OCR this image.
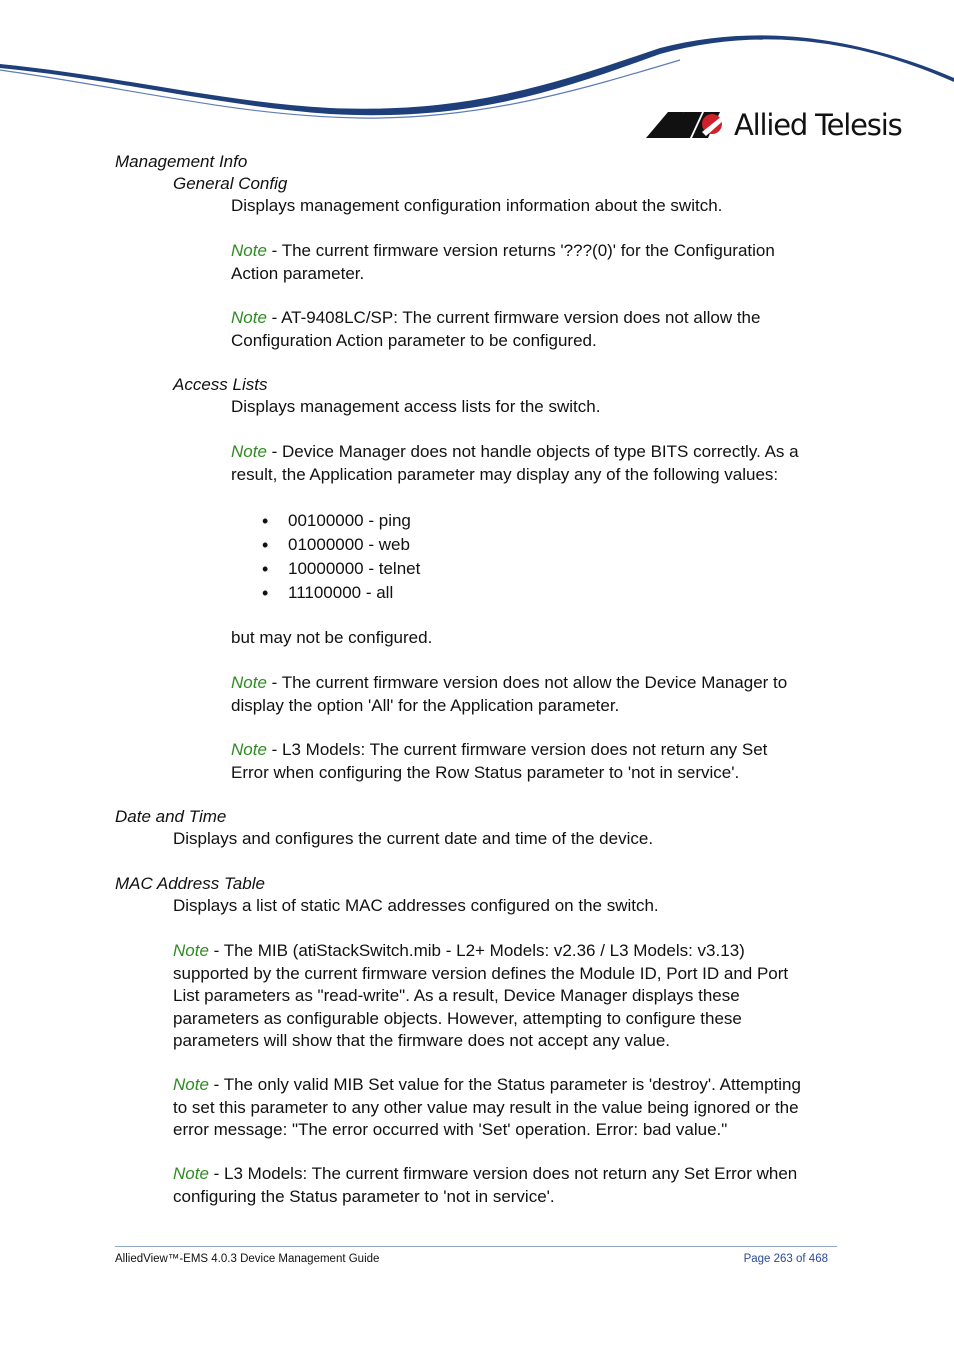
Allied Telesis
Management Info
General Config
Displays management configuration information about the switch.
Note - The current firmware version returns '???(0)' for the Configuration
Action parameter.
Note - AT-9408LC/SP: The current firmware version does not allow the
Configuration Action parameter to be configured.
Access Lists
Displays management access lists for the switch.
Note - Device Manager does not handle objects of type BITS correctly. As a
result, the Application parameter may display any of the following values:
• 00100000 - ping
• 01000000 - web
• 10000000 - telnet
• 11100000 - all
but may not be configured.
Note - The current firmware version does not allow the Device Manager to
display the option 'All' for the Application parameter.
Note - L3 Models: The current firmware version does not return any Set
Error when configuring the Row Status parameter to 'not in service'.
Date and Time
Displays and configures the current date and time of the device.
MAC Address Table
Displays a list of static MAC addresses configured on the switch.
Note - The MIB (atiStackSwitch.mib - L2+ Models: v2.36 / L3 Models: v3.13)
supported by the current firmware version defines the Module ID, Port ID and Port
List parameters as "read-write". As a result, Device Manager displays these
parameters as configurable objects. However, attempting to configure these
parameters will show that the firmware does not accept any value.
Note - The only valid MIB Set value for the Status parameter is 'destroy'. Attempting
to set this parameter to any other value may result in the value being ignored or the
error message: "The error occurred with 'Set' operation. Error: bad value."
Note - L3 Models: The current firmware version does not return any Set Error when
configuring the Status parameter to 'not in service'.
AlliedView™-EMS 4.0.3 Device Management Guide	Page 263 of 468
